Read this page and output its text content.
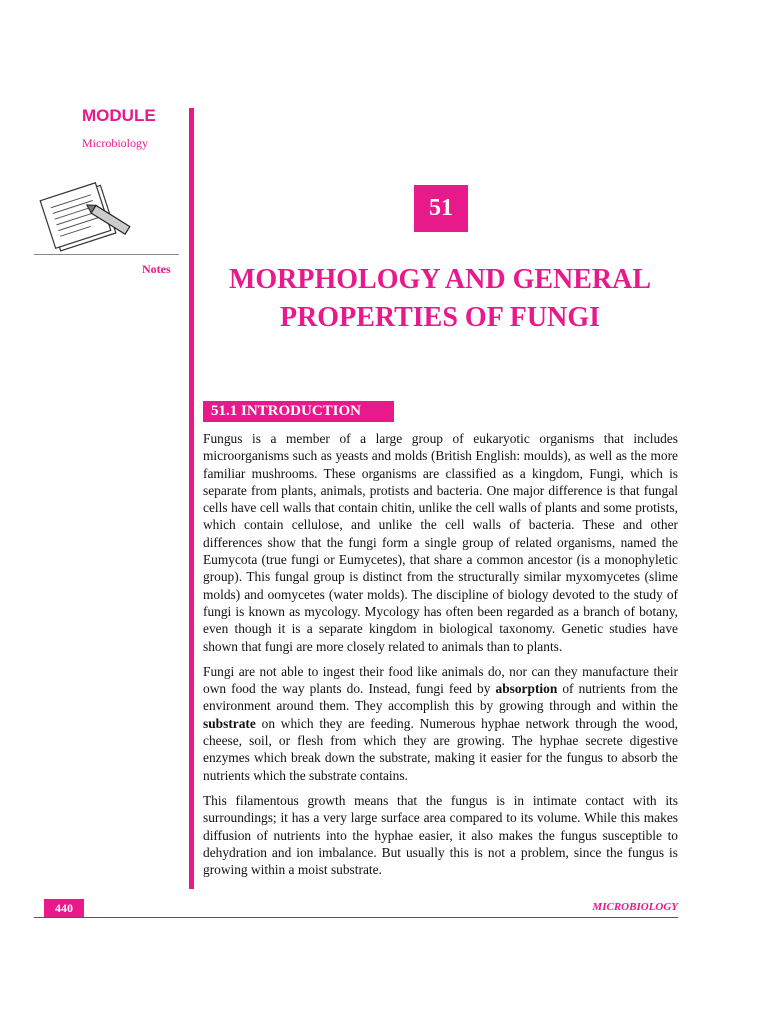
MODULE
Microbiology
Notes
51
MORPHOLOGY AND GENERAL
PROPERTIES OF FUNGI
51.1 INTRODUCTION

Fungus is a member of a large group of eukaryotic organisms that includes microorganisms such as yeasts and molds (British English: moulds), as well as the more familiar mushrooms. These organisms are classified as a kingdom, Fungi, which is separate from plants, animals, protists and bacteria. One major difference is that fungal cells have cell walls that contain chitin, unlike the cell walls of plants and some protists, which contain cellulose, and unlike the cell walls of bacteria. These and other differences show that the fungi form a single group of related organisms, named the Eumycota (true fungi or Eumycetes), that share a common ancestor (is a monophyletic group). This fungal group is distinct from the structurally similar myxomycetes (slime molds) and oomycetes (water molds). The discipline of biology devoted to the study of fungi is known as mycology. Mycology has often been regarded as a branch of botany, even though it is a separate kingdom in biological taxonomy. Genetic studies have shown that fungi are more closely related to animals than to plants.

Fungi are not able to ingest their food like animals do, nor can they manufacture their own food the way plants do. Instead, fungi feed by absorption of nutrients from the environment around them. They accomplish this by growing through and within the substrate on which they are feeding. Numerous hyphae network through the wood, cheese, soil, or flesh from which they are growing. The hyphae secrete digestive enzymes which break down the substrate, making it easier for the fungus to absorb the nutrients which the substrate contains.

This filamentous growth means that the fungus is in intimate contact with its surroundings; it has a very large surface area compared to its volume. While this makes diffusion of nutrients into the hyphae easier, it also makes the fungus susceptible to dehydration and ion imbalance. But usually this is not a problem, since the fungus is growing within a moist substrate.

440	MICROBIOLOGY
